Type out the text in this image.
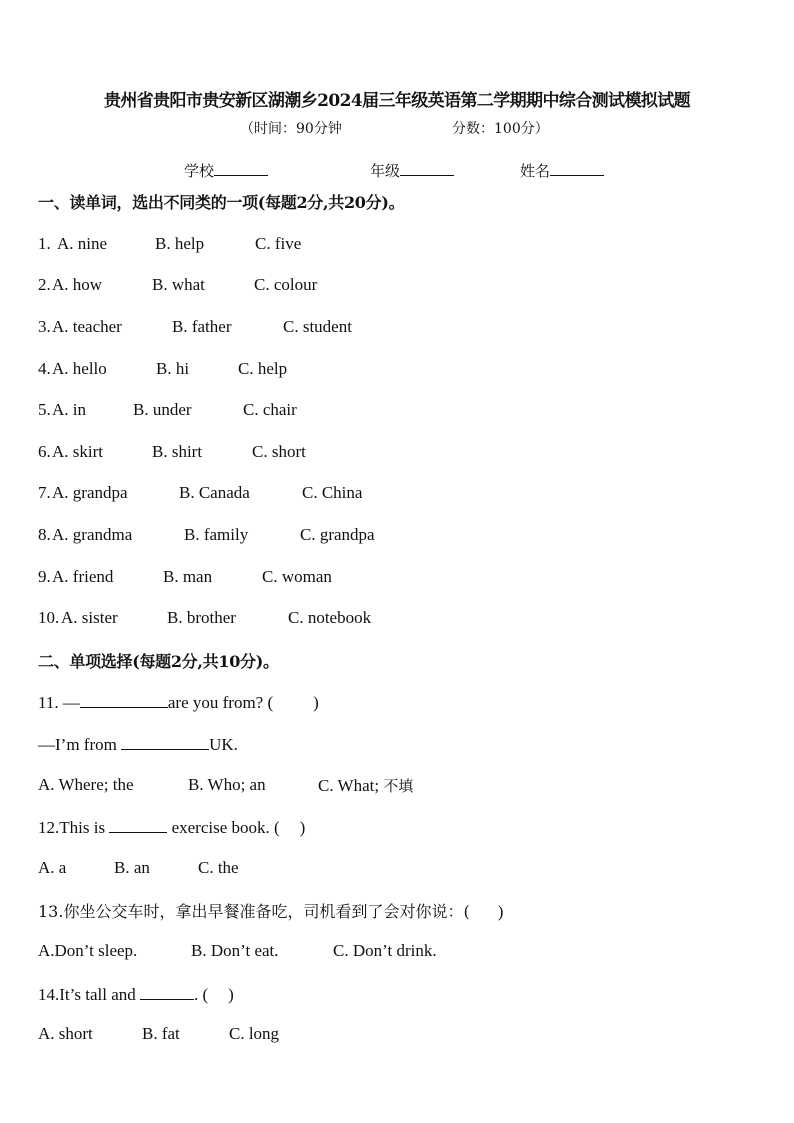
贵州省贵阳市贵安新区湖潮乡2024届三年级英语第二学期期中综合测试模拟试题
（时间：90分钟	分数：100分）
学校	年级	姓名
一、读单词，选出不同类的一项(每题2分,共20分)。
1. A. nine	B. help	C. five
2. A. how	B. what	C. colour
3. A. teacher	B. father	C. student
4. A. hello	B. hi	C. help
5. A. in	B. under	C. chair
6. A. skirt	B. shirt	C. short
7. A. grandpa	B. Canada	C. China
8. A. grandma	B. family	C. grandpa
9. A. friend	B. man	C. woman
10. A. sister	B. brother	C. notebook
二、单项选择(每题2分,共10分)。
11. —	are you from? ( )
—I’m from	UK.
A. Where; the	B. Who; an	C. What; 不填
12.This is	exercise book. ( )
A. a	B. an	C. the
13.你坐公交车时，拿出早餐准备吃，司机看到了会对你说：( )
A.Don’t sleep.	B. Don’t eat.	C. Don’t drink.
14.It’s tall and	. ( )
A. short	B. fat	C. long
